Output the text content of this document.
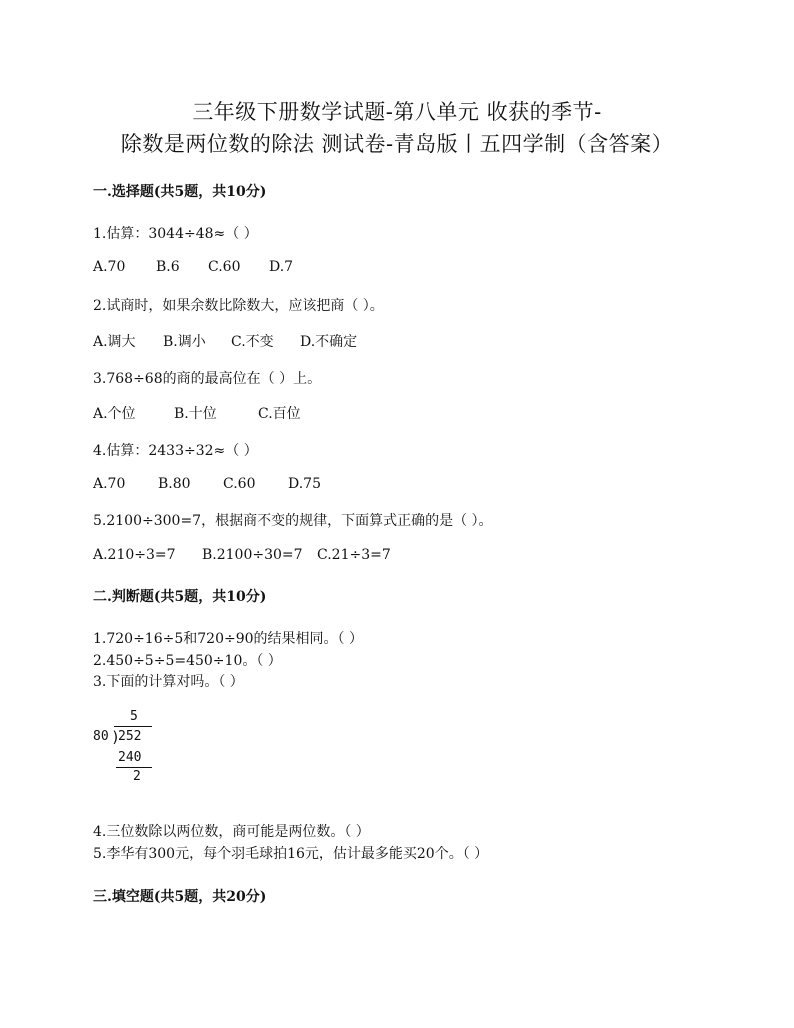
三年级下册数学试题-第八单元 收获的季节-
除数是两位数的除法 测试卷-青岛版丨五四学制（含答案）
一.选择题(共5题，共10分)
1.估算：3044÷48≈（ ）
A.70	B.6	C.60	D.7
2.试商时，如果余数比除数大，应该把商（ ）。
A.调大	B.调小	C.不变	D.不确定
3.768÷68的商的最高位在（ ）上。
A.个位	B.十位	C.百位
4.估算：2433÷32≈（ ）
A.70	B.80	C.60	D.75
5.2100÷300=7，根据商不变的规律，下面算式正确的是（ ）。
A.210÷3=7	B.2100÷30=7	C.21÷3=7
二.判断题(共5题，共10分)
1.720÷16÷5和720÷90的结果相同。（ ）
2.450÷5÷5=450÷10。（ ）
3.下面的计算对吗。（ ）
5
80 )
252
240
2
4.三位数除以两位数，商可能是两位数。（ ）
5.李华有300元，每个羽毛球拍16元，估计最多能买20个。（ ）
三.填空题(共5题，共20分)
